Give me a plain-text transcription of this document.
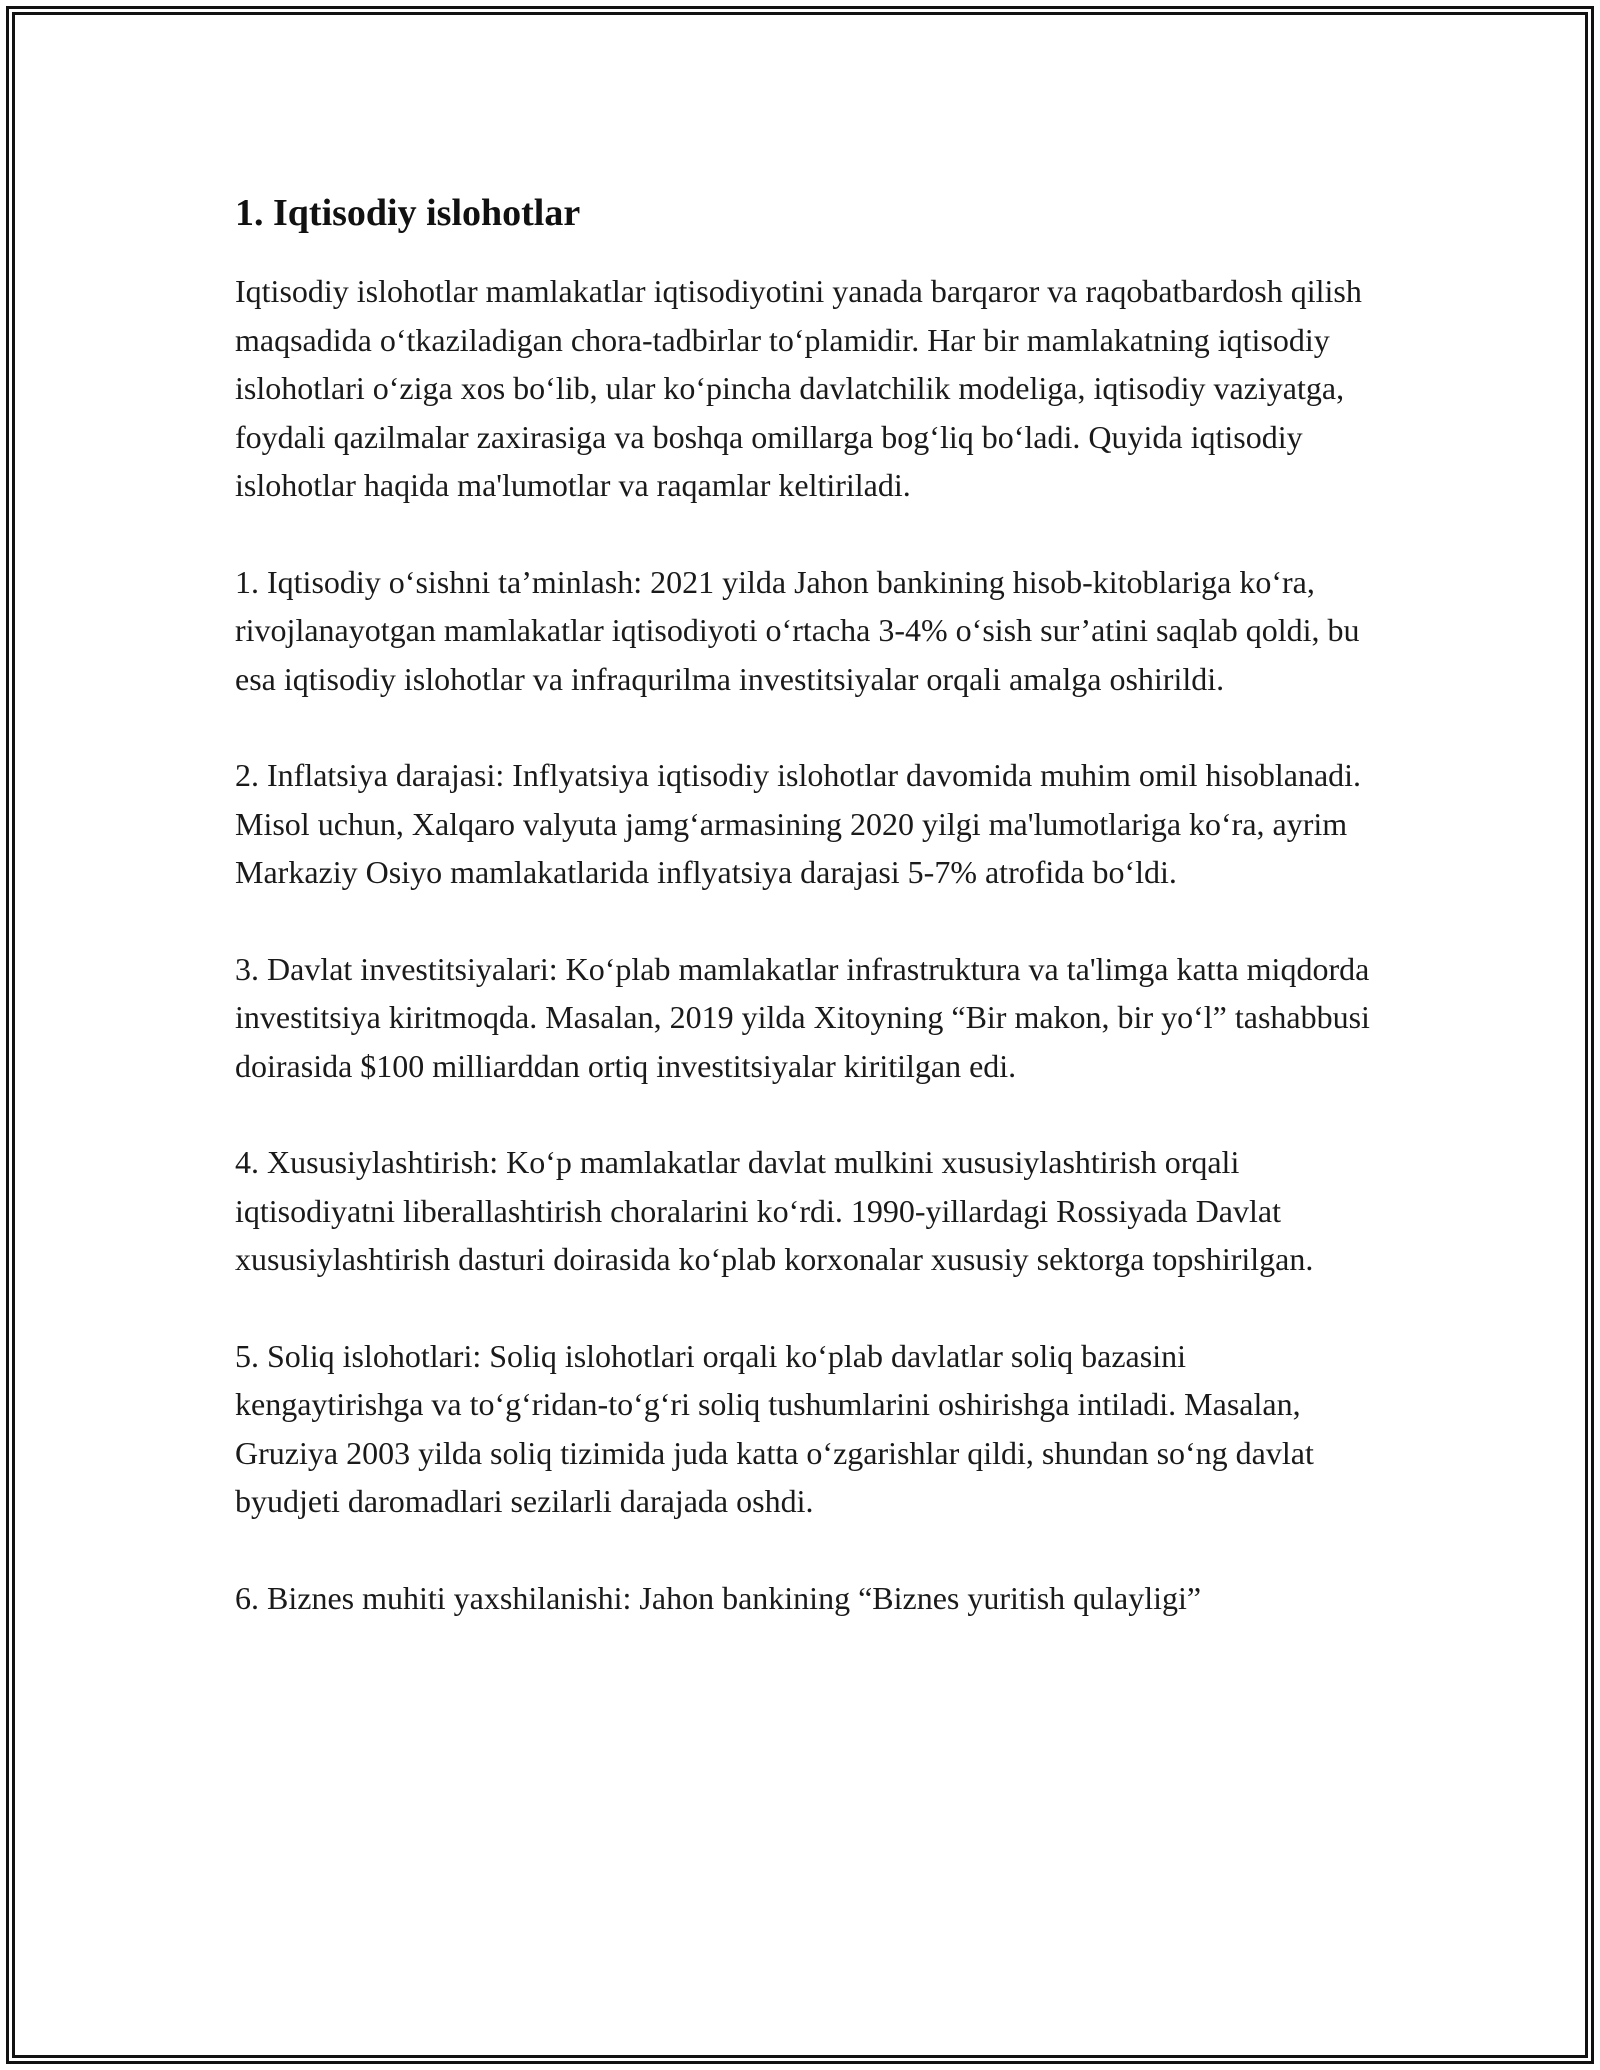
1. Iqtisodiy islohotlar

Iqtisodiy islohotlar mamlakatlar iqtisodiyotini yanada barqaror va raqobatbardosh qilish maqsadida o‘tkaziladigan chora-tadbirlar to‘plamidir. Har bir mamlakatning iqtisodiy islohotlari o‘ziga xos bo‘lib, ular ko‘pincha davlatchilik modeliga, iqtisodiy vaziyatga, foydali qazilmalar zaxirasiga va boshqa omillarga bog‘liq bo‘ladi. Quyida iqtisodiy islohotlar haqida ma'lumotlar va raqamlar keltiriladi.

1. Iqtisodiy o‘sishni ta’minlash: 2021 yilda Jahon bankining hisob-kitoblariga ko‘ra, rivojlanayotgan mamlakatlar iqtisodiyoti o‘rtacha 3-4% o‘sish sur’atini saqlab qoldi, bu esa iqtisodiy islohotlar va infraqurilma investitsiyalar orqali amalga oshirildi.

2. Inflatsiya darajasi: Inflyatsiya iqtisodiy islohotlar davomida muhim omil hisoblanadi. Misol uchun, Xalqaro valyuta jamg‘armasining 2020 yilgi ma'lumotlariga ko‘ra, ayrim Markaziy Osiyo mamlakatlarida inflyatsiya darajasi 5-7% atrofida bo‘ldi.

3. Davlat investitsiyalari: Ko‘plab mamlakatlar infrastruktura va ta'limga katta miqdorda investitsiya kiritmoqda. Masalan, 2019 yilda Xitoyning “Bir makon, bir yo‘l” tashabbusi doirasida $100 milliarddan ortiq investitsiyalar kiritilgan edi.

4. Xususiylashtirish: Ko‘p mamlakatlar davlat mulkini xususiylashtirish orqali iqtisodiyatni liberallashtirish choralarini ko‘rdi. 1990-yillardagi Rossiyada Davlat xususiylashtirish dasturi doirasida ko‘plab korxonalar xususiy sektorga topshirilgan.

5. Soliq islohotlari: Soliq islohotlari orqali ko‘plab davlatlar soliq bazasini kengaytirishga va to‘g‘ridan-to‘g‘ri soliq tushumlarini oshirishga intiladi. Masalan, Gruziya 2003 yilda soliq tizimida juda katta o‘zgarishlar qildi, shundan so‘ng davlat byudjeti daromadlari sezilarli darajada oshdi.

6. Biznes muhiti yaxshilanishi: Jahon bankining “Biznes yuritish qulayligi”
